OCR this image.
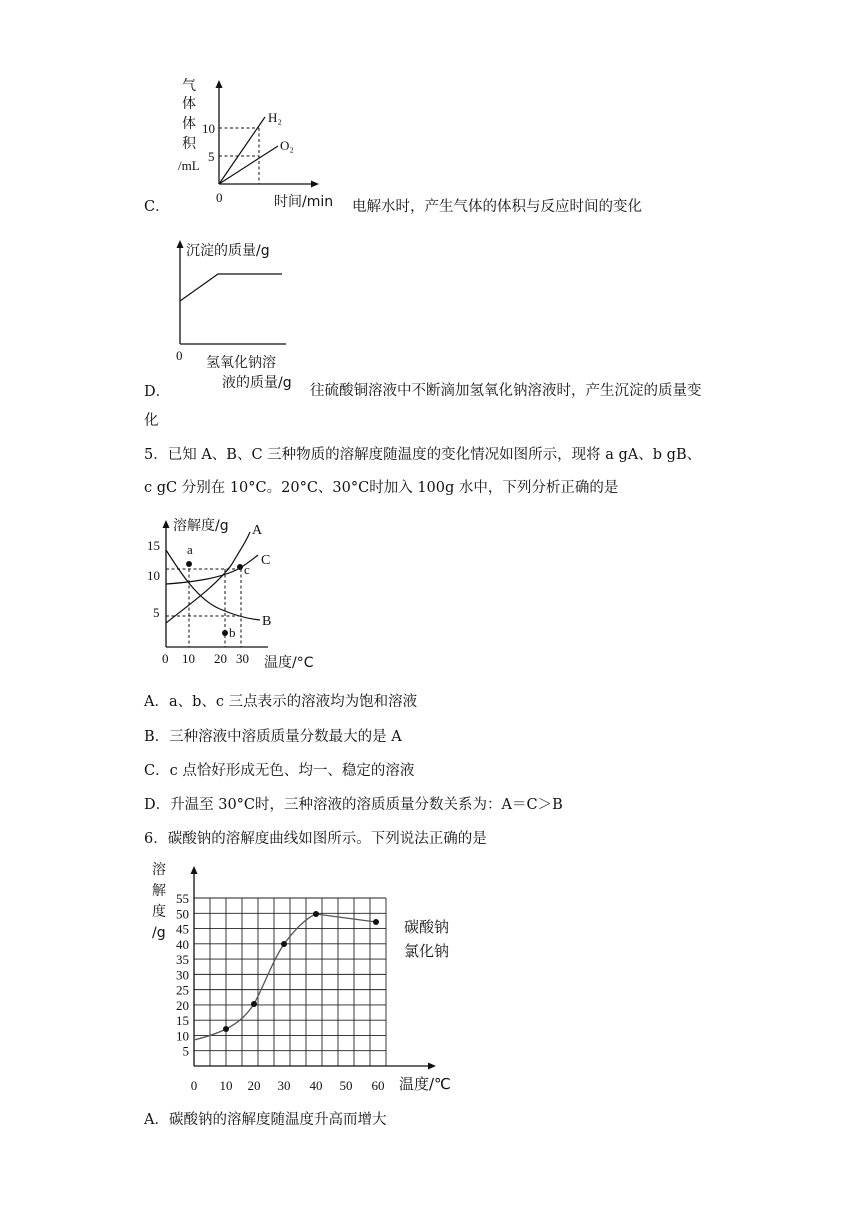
C．
气
体
体
积
/mL
10
5
H₂
O₂
0	时间/min 电解水时，产生气体的体积与反应时间的变化
D．
沉淀的质量/g
0 氢氧化钠溶
液的质量/g 往硫酸铜溶液中不断滴加氢氧化钠溶液时，产生沉淀的质量变
化
5．已知 A、B、C 三种物质的溶解度随温度的变化情况如图所示，现将 a gA、b gB、
c gC 分别在 10°C。20°C、30°C时加入 100g 水中，下列分析正确的是
溶解度/g
15
10
5
0 10 20 30
A
B
C
a
b
c
温度/°C
A．a、b、c 三点表示的溶液均为饱和溶液
B．三种溶液中溶质质量分数最大的是 A
C．c 点恰好形成无色、均一、稳定的溶液
D．升温至 30°C时，三种溶液的溶质质量分数关系为：A＝C＞B
6．碳酸钠的溶解度曲线如图所示。下列说法正确的是
溶
解
度
/g
55
50
45
40
35
30
25
20
15
10
5
0 10 20 30 40 50 60
碳酸钠
氯化钠
温度/℃
A．碳酸钠的溶解度随温度升高而增大
